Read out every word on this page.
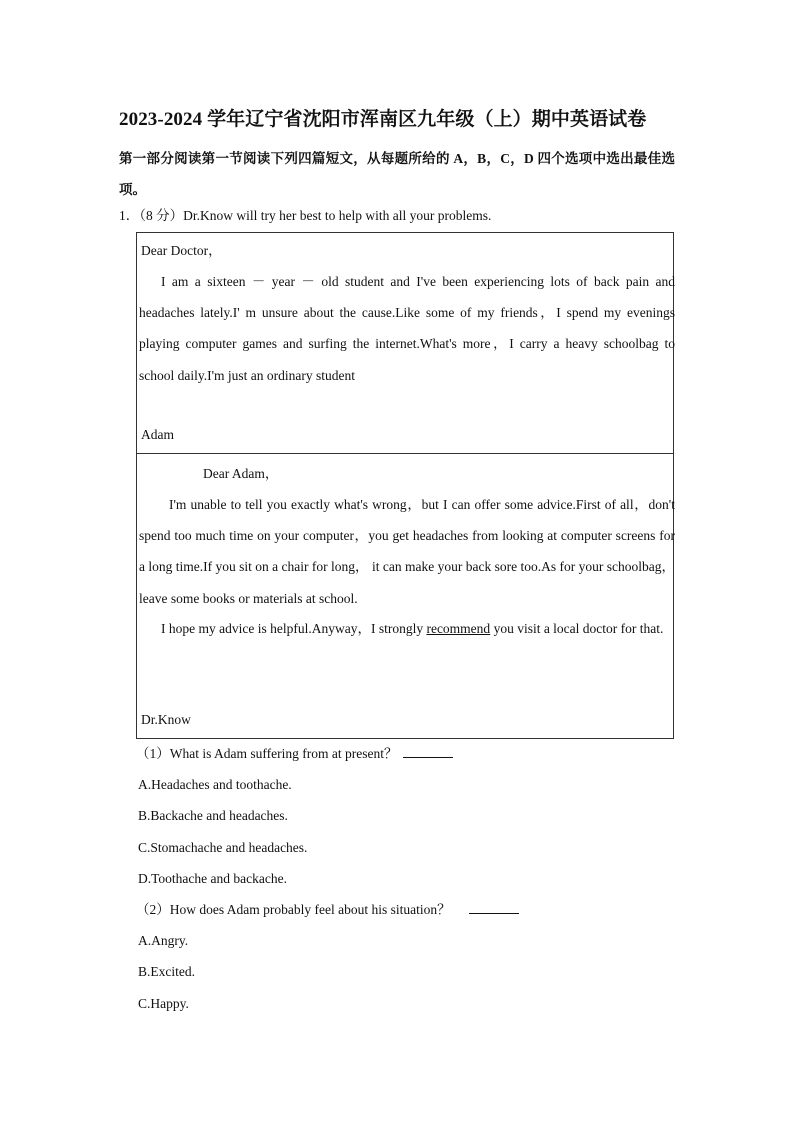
2023-2024 学年辽宁省沈阳市浑南区九年级（上）期中英语试卷
第一部分阅读第一节阅读下列四篇短文，从每题所给的 A，B，C，D 四个选项中选出最佳选项。
1．（8 分）Dr.Know will try her best to help with all your problems.

Dear Doctor，

I am a sixteen － year － old student and I've been experiencing lots of back pain and headaches lately.I' m unsure about the cause.Like some of my friends，I spend my evenings playing computer games and surfing the internet.What's more，I carry a heavy schoolbag to school daily.I'm just an ordinary student

Adam

Dear Adam，

I'm unable to tell you exactly what's wrong，but I can offer some advice.First of all，don't spend too much time on your computer，you get headaches from looking at computer screens for a long time.If you sit on a chair for long， it can make your back sore too.As for your schoolbag，leave some books or materials at school.

I hope my advice is helpful.Anyway，I strongly recommend you visit a local doctor for that.

Dr.Know

（1）What is Adam suffering from at present？
A.Headaches and toothache.
B.Backache and headaches.
C.Stomachache and headaches.
D.Toothache and backache.
（2）How does Adam probably feel about his situation？
A.Angry.
B.Excited.
C.Happy.
